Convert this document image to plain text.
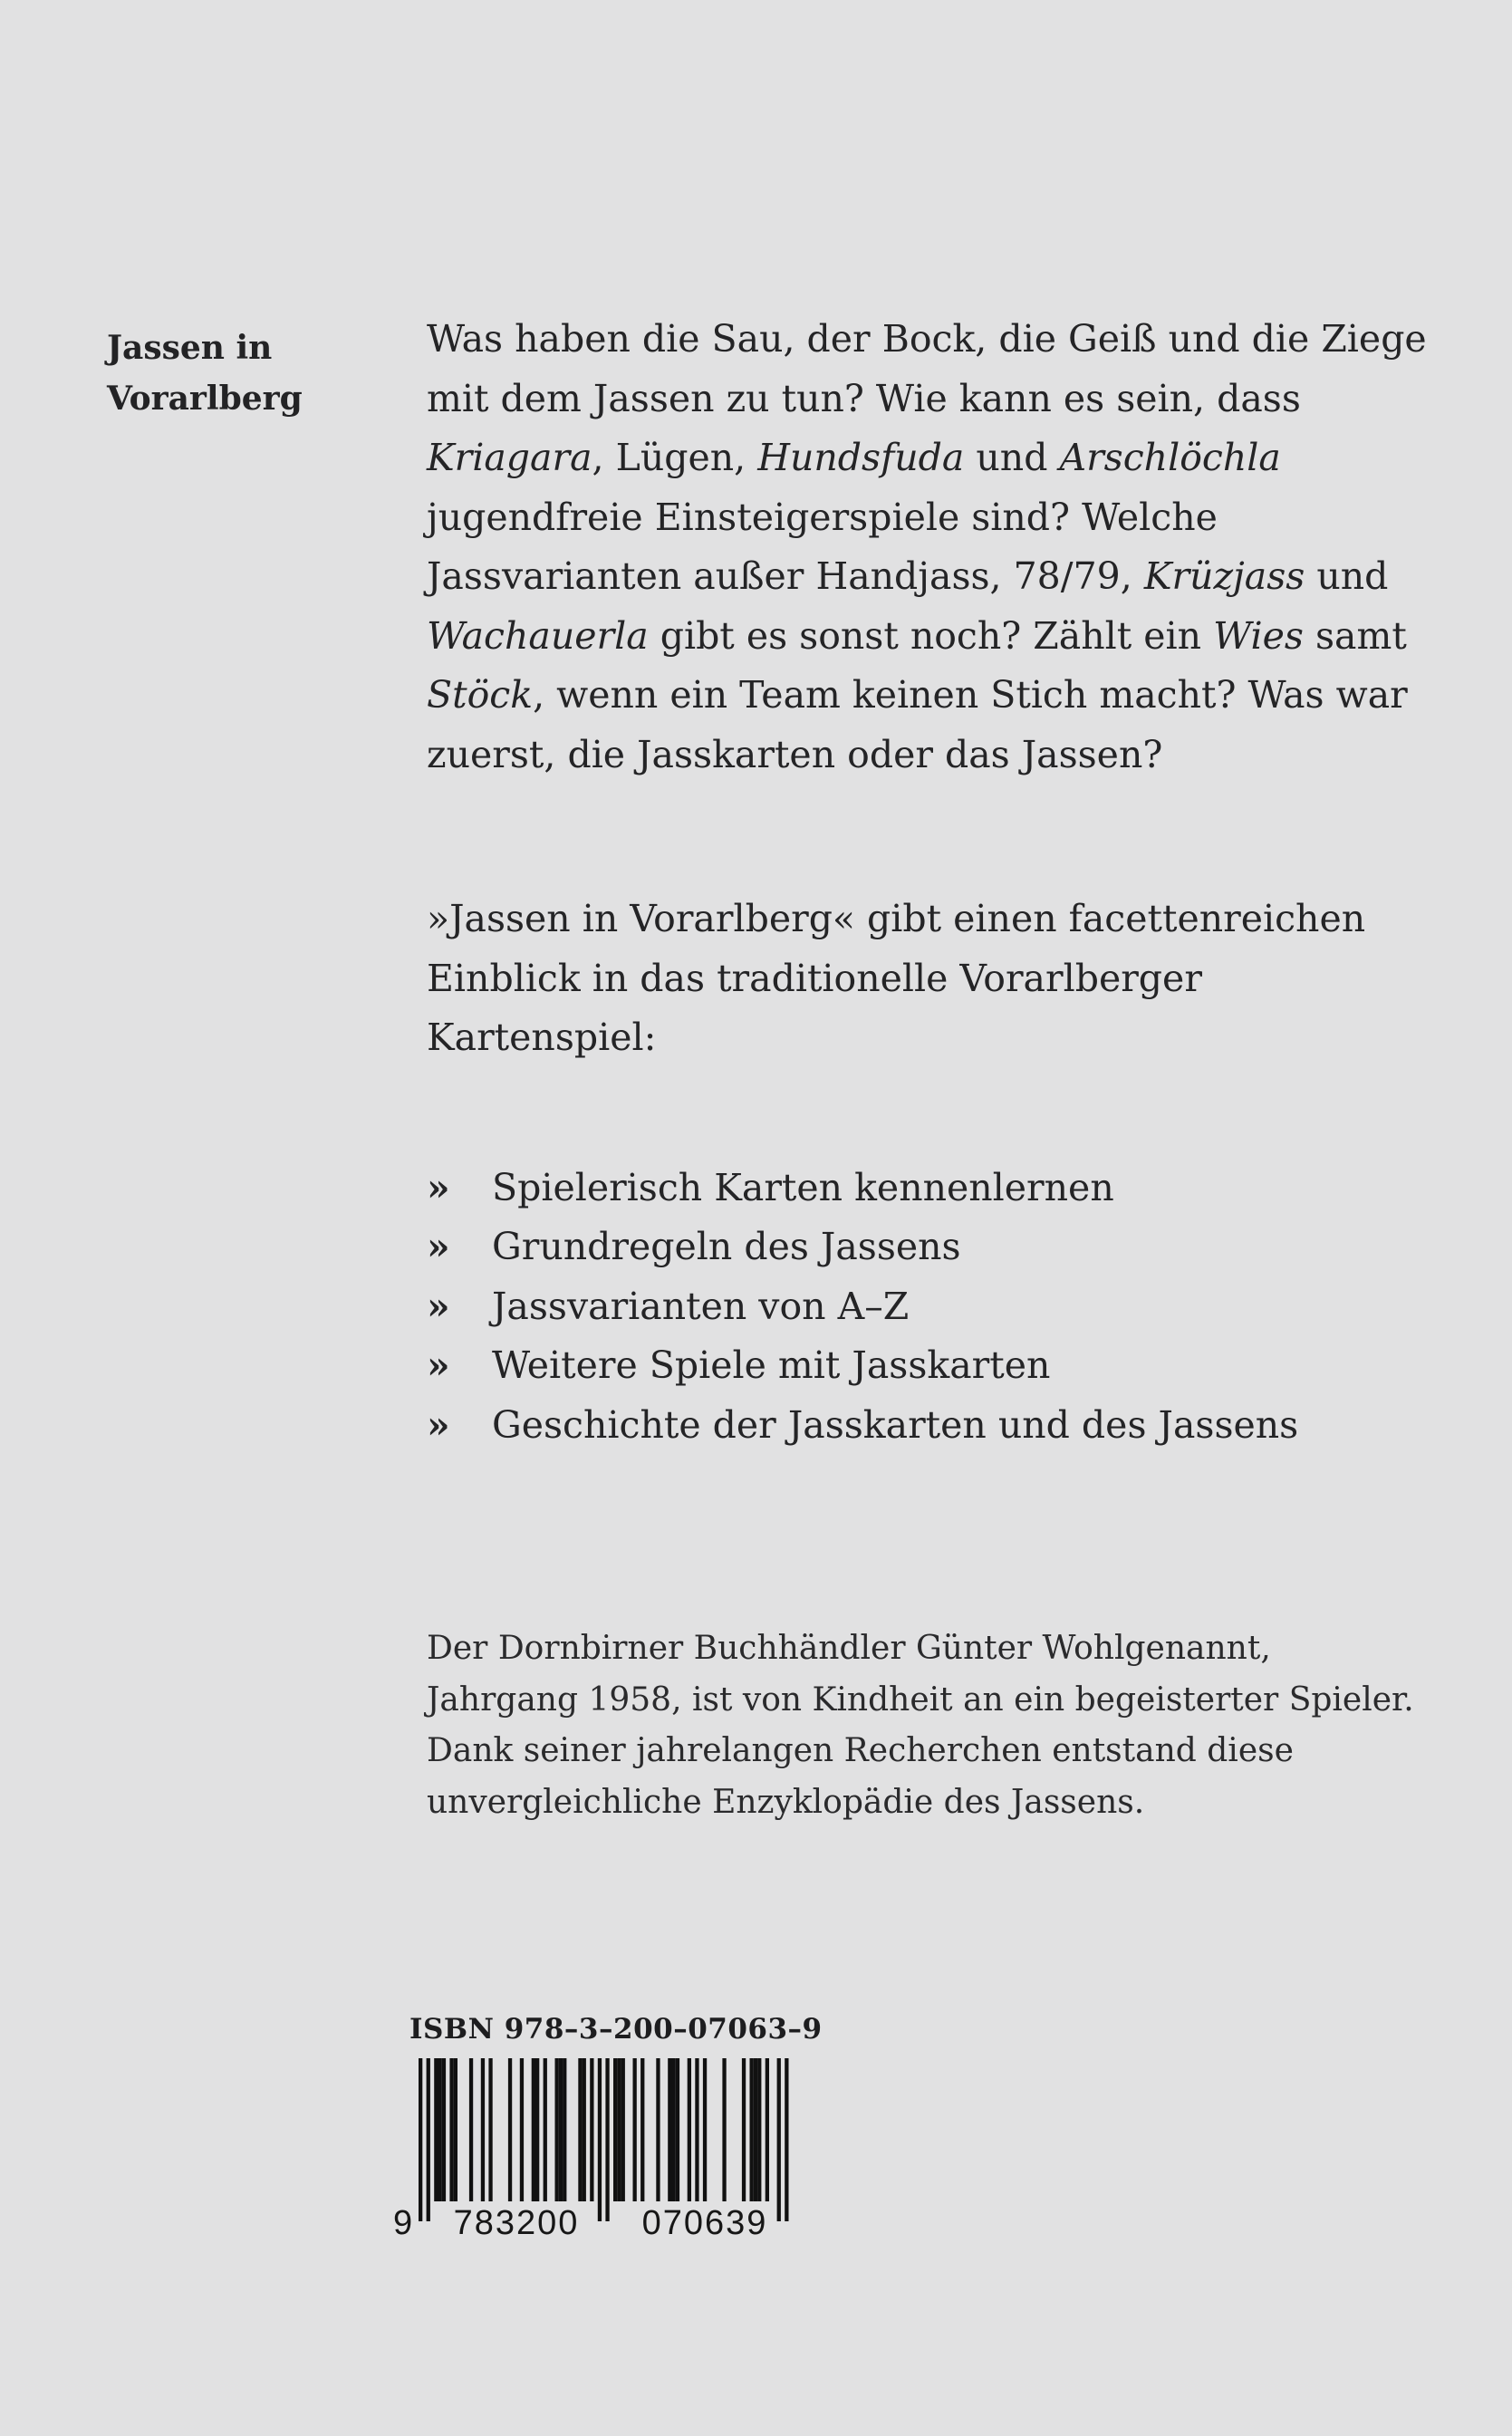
Jassen in
Vorarlberg

Was haben die Sau, der Bock, die Geiß und die Ziege mit dem Jassen zu tun? Wie kann es sein, dass Kriagara, Lügen, Hundsfuda und Arschlöchla jugendfreie Einsteigerspiele sind? Welche Jassvarianten außer Handjass, 78/79, Krüzjass und Wachauerla gibt es sonst noch? Zählt ein Wies samt Stöck, wenn ein Team keinen Stich macht? Was war zuerst, die Jasskarten oder das Jassen?

»Jassen in Vorarlberg« gibt einen facettenreichen Einblick in das traditionelle Vorarlberger Kartenspiel:

»	Spielerisch Karten kennenlernen
»	Grundregeln des Jassens
»	Jassvarianten von A–Z
»	Weitere Spiele mit Jasskarten
»	Geschichte der Jasskarten und des Jassens

Der Dornbirner Buchhändler Günter Wohlgenannt, Jahrgang 1958, ist von Kindheit an ein begeisterter Spieler. Dank seiner jahrelangen Recherchen entstand diese unvergleichliche Enzyklopädie des Jassens.

ISBN 978–3–200–07063–9
9 783200 070639
